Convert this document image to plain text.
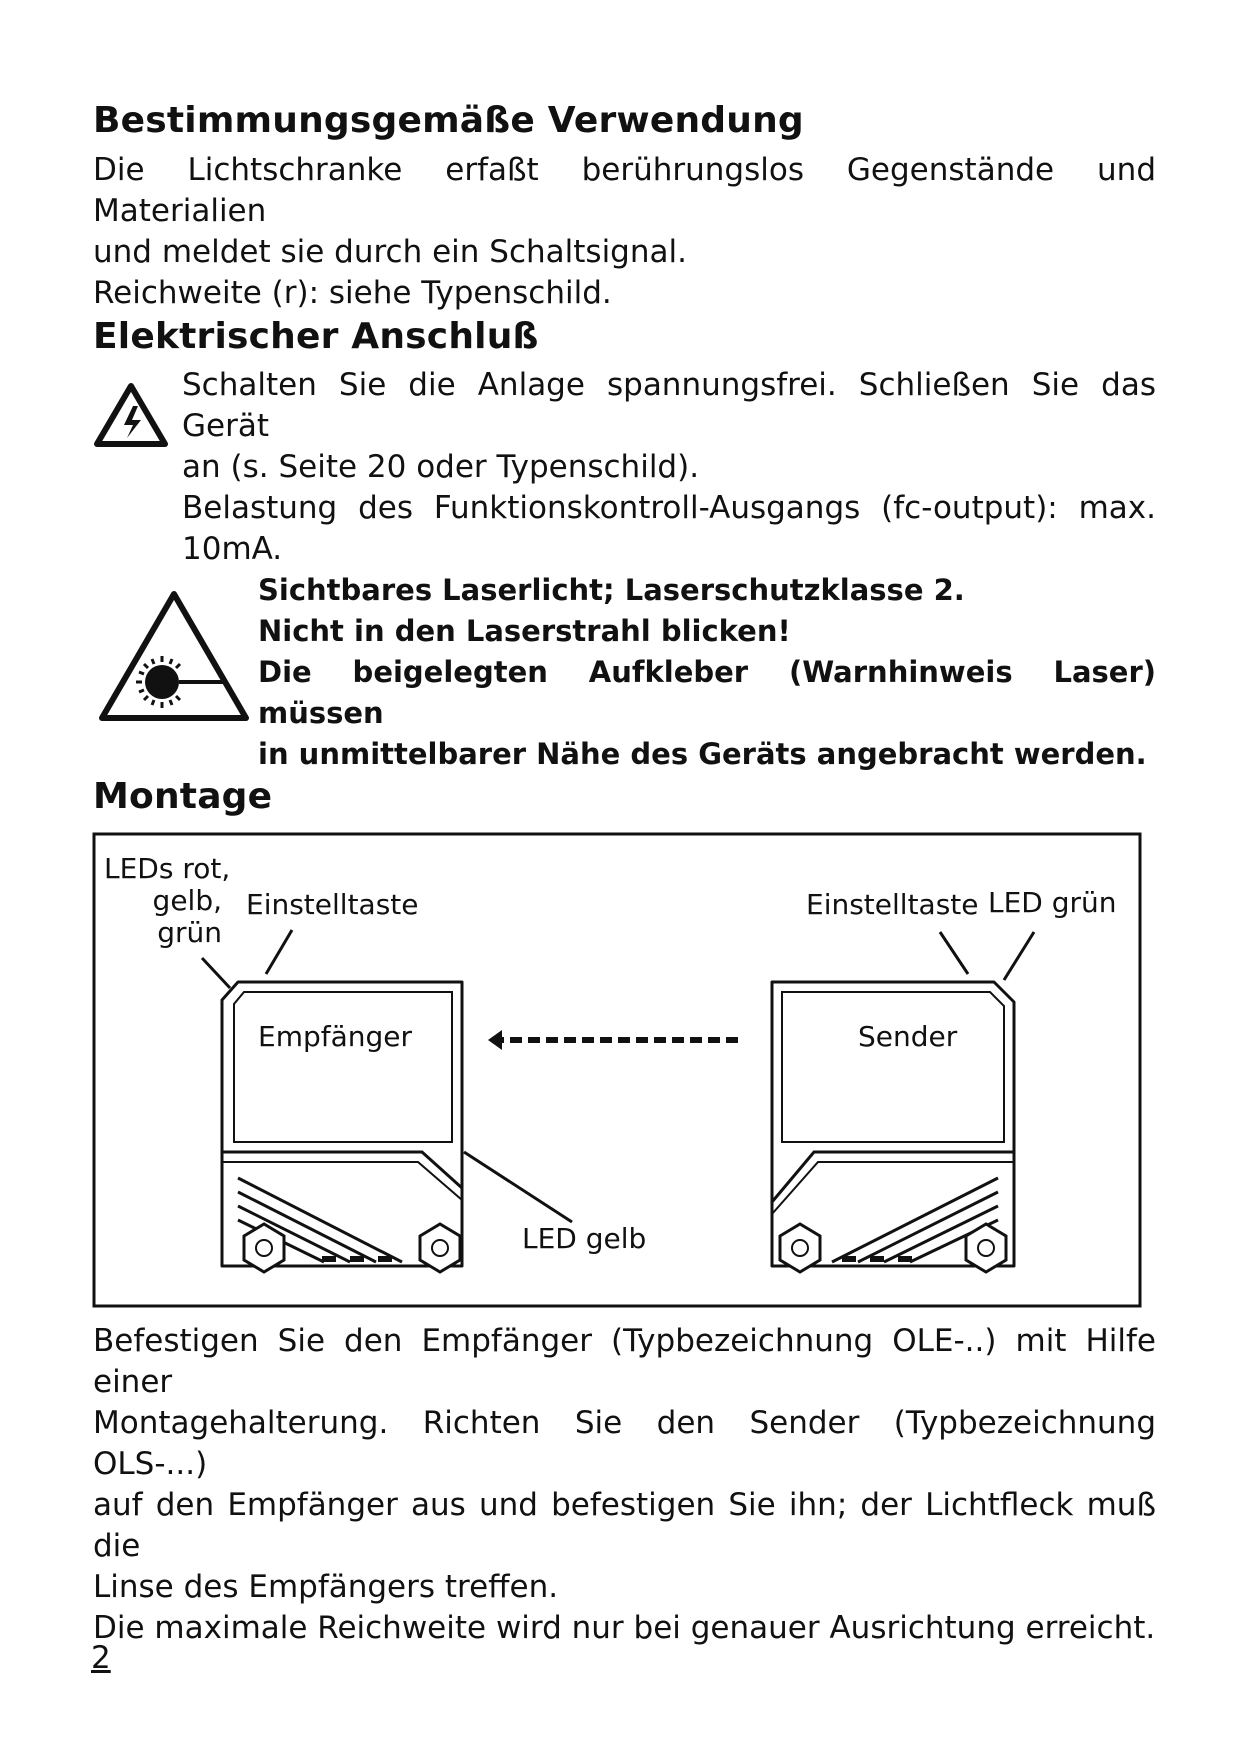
Bestimmungsgemäße Verwendung
Die Lichtschranke erfaßt berührungslos Gegenstände und Materialien
und meldet sie durch ein Schaltsignal.
Reichweite (r): siehe Typenschild.
Elektrischer Anschluß
Schalten Sie die Anlage spannungsfrei. Schließen Sie das Gerät
an (s. Seite 20 oder Typenschild).
Belastung des Funktionskontroll-Ausgangs (fc-output): max.
10mA.
Sichtbares Laserlicht; Laserschutzklasse 2.
Nicht in den Laserstrahl blicken!
Die beigelegten Aufkleber (Warnhinweis Laser) müssen
in unmittelbarer Nähe des Geräts angebracht werden.
Montage
LEDs rot,
gelb,
grün
Einstelltaste
Empfänger
LED gelb
Einstelltaste LED grün
Sender
Befestigen Sie den Empfänger (Typbezeichnung OLE-..) mit Hilfe einer
Montagehalterung. Richten Sie den Sender (Typbezeichnung OLS-...)
auf den Empfänger aus und befestigen Sie ihn; der Lichtfleck muß die
Linse des Empfängers treffen.
Die maximale Reichweite wird nur bei genauer Ausrichtung erreicht.
2
